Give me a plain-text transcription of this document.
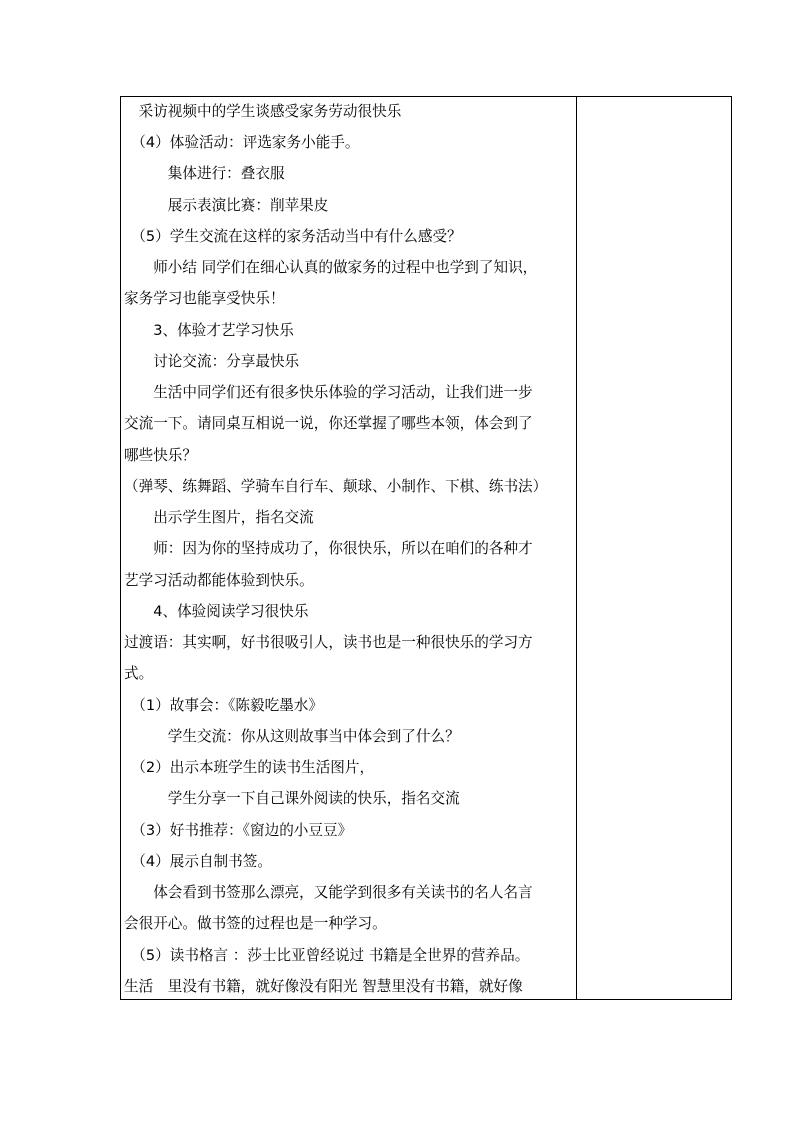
　采访视频中的学生谈感受家务劳动很快乐
　（4）体验活动：评选家务小能手。
　　　集体进行：叠衣服
　　　展示表演比赛：削苹果皮
　（5）学生交流在这样的家务活动当中有什么感受？
　　师小结 同学们在细心认真的做家务的过程中也学到了知识，
家务学习也能享受快乐！
　　3、体验才艺学习快乐
　　讨论交流：分享最快乐
　　生活中同学们还有很多快乐体验的学习活动，让我们进一步
交流一下。请同桌互相说一说，你还掌握了哪些本领，体会到了
哪些快乐？
（弹琴、练舞蹈、学骑车自行车、颠球、小制作、下棋、练书法）
　　出示学生图片，指名交流
　　师：因为你的坚持成功了，你很快乐，所以在咱们的各种才
艺学习活动都能体验到快乐。
　　4、体验阅读学习很快乐
过渡语：其实啊，好书很吸引人，读书也是一种很快乐的学习方
式。
　（1）故事会：《陈毅吃墨水》
　　　学生交流：你从这则故事当中体会到了什么？
　（2）出示本班学生的读书生活图片，
　　　学生分享一下自己课外阅读的快乐，指名交流
　（3）好书推荐：《窗边的小豆豆》
　（4）展示自制书签。
　　体会看到书签那么漂亮，又能学到很多有关读书的名人名言
会很开心。做书签的过程也是一种学习。
　（5）读书格言 ：莎士比亚曾经说过 书籍是全世界的营养品。
生活　里没有书籍，就好像没有阳光 智慧里没有书籍，就好像
